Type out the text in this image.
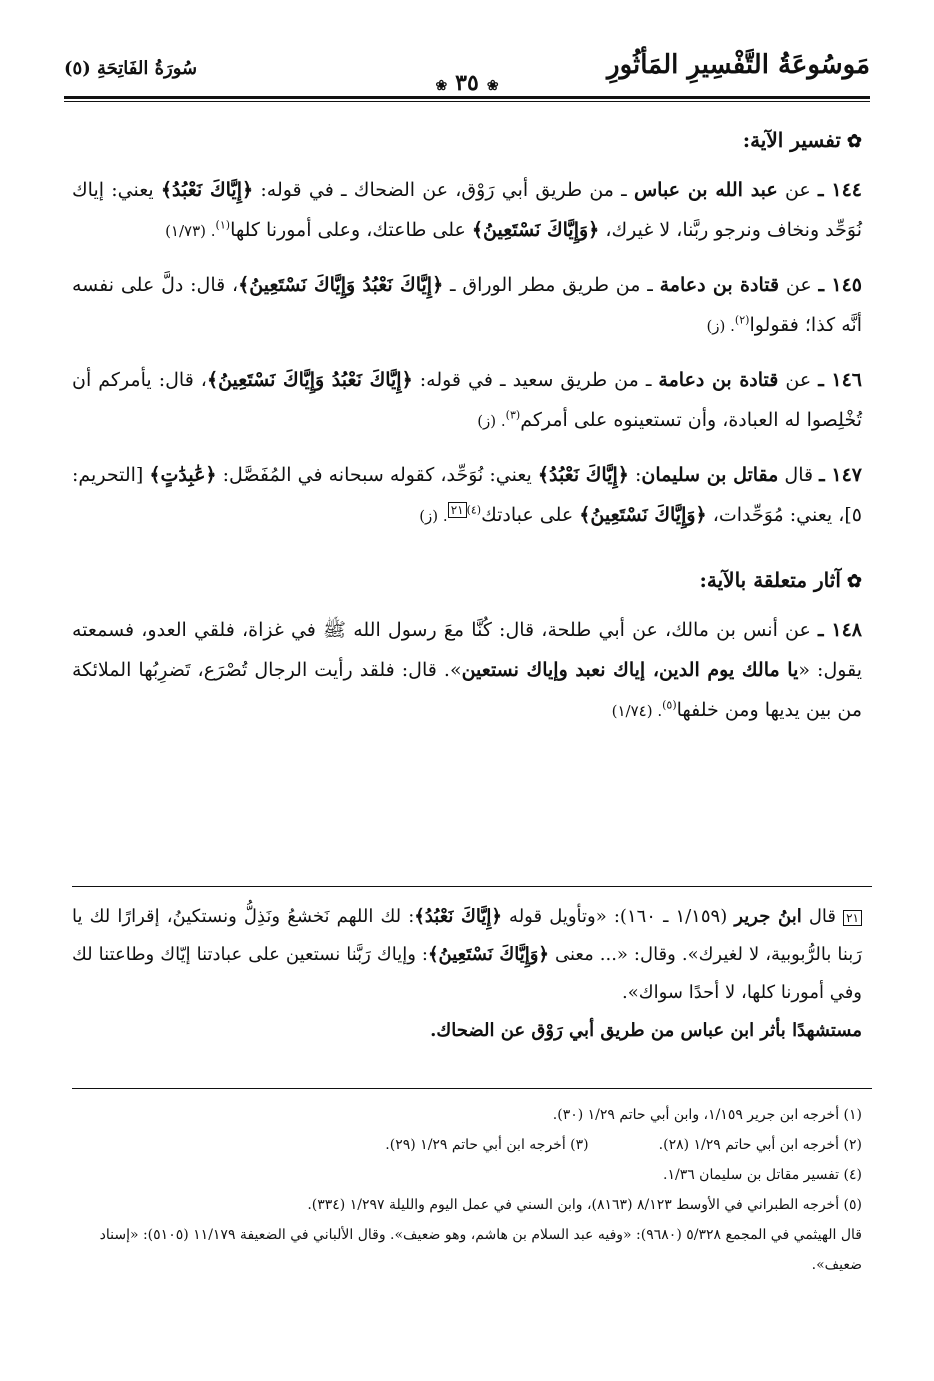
مَوسُوعَةُ التَّفْسِيرِ المَأثُورِ
❀٣٥❀
سُورَةُ الفَاتِحَةِ (٥)
✿تفسير الآية:

١٤٤ ـ عن عبد الله بن عباس ـ من طريق أبي رَوْق، عن الضحاك ـ في قوله: ﴿إِيَّاكَ نَعْبُدُ﴾ يعني: إياك نُوَحِّد ونخاف ونرجو ربَّنا، لا غيرك، ﴿وَإِيَّاكَ نَسْتَعِينُ﴾ على طاعتك، وعلى أمورنا كلها$^{(١)}$. (١/٧٣)

١٤٥ ـ عن قتادة بن دعامة ـ من طريق مطر الوراق ـ ﴿إِيَّاكَ نَعْبُدُ وَإِيَّاكَ نَسْتَعِينُ﴾، قال: دلَّ على نفسه أنَّه كذا؛ فقولوا$^{(٢)}$. (ز)

١٤٦ ـ عن قتادة بن دعامة ـ من طريق سعيد ـ في قوله: ﴿إِيَّاكَ نَعْبُدُ وَإِيَّاكَ نَسْتَعِينُ﴾، قال: يأمركم أن تُخْلِصوا له العبادة، وأن تستعينوه على أمركم$^{(٣)}$. (ز)

١٤٧ ـ قال مقاتل بن سليمان: ﴿إِيَّاكَ نَعْبُدُ﴾ يعني: نُوَحِّد، كقوله سبحانه في المُفَصَّل: ﴿عَٰبِدَٰتٍ﴾ [التحريم: ٥]، يعني: مُوَحِّدات، ﴿وَإِيَّاكَ نَسْتَعِينُ﴾ على عبادتك$^{(٤)}$٢١. (ز)

✿آثار متعلقة بالآية:

١٤٨ ـ عن أنس بن مالك، عن أبي طلحة، قال: كُنَّا معَ رسول الله ﷺ في غزاة، فلقي العدو، فسمعته يقول: «يا مالك يوم الدين، إياك نعبد وإياك نستعين». قال: فلقد رأيت الرجال تُصْرَع، تَضرِبُها الملائكة من بين يديها ومن خلفها$^{(٥)}$. (١/٧٤)

٢١ قال ابنُ جرير (١/١٥٩ ـ ١٦٠): «وتأويل قوله ﴿إِيَّاكَ نَعْبُدُ﴾: لك اللهم نَخشعُ ونَذِلُّ ونستكينُ، إقرارًا لك يا رَبنا بالرُّبوبية، لا لغيرك». وقال: «... معنى ﴿وَإِيَّاكَ نَسْتَعِينُ﴾: وإياك رَبَّنا نستعين على عبادتنا إيّاك وطاعتنا لك وفي أمورنا كلها، لا أحدًا سواك».
مستشهدًا بأثر ابن عباس من طريق أبي رَوْق عن الضحاك.
(١) أخرجه ابن جرير ١/١٥٩، وابن أبي حاتم ١/٢٩ (٣٠).
(٢) أخرجه ابن أبي حاتم ١/٢٩ (٢٨).
(٣) أخرجه ابن أبي حاتم ١/٢٩ (٢٩).
(٤) تفسير مقاتل بن سليمان ١/٣٦.
(٥) أخرجه الطبراني في الأوسط ٨/١٢٣ (٨١٦٣)، وابن السني في عمل اليوم والليلة ١/٢٩٧ (٣٣٤).
قال الهيثمي في المجمع ٥/٣٢٨ (٩٦٨٠): «وفيه عبد السلام بن هاشم، وهو ضعيف». وقال الألباني في الضعيفة ١١/١٧٩ (٥١٠٥): «إسناد ضعيف».
